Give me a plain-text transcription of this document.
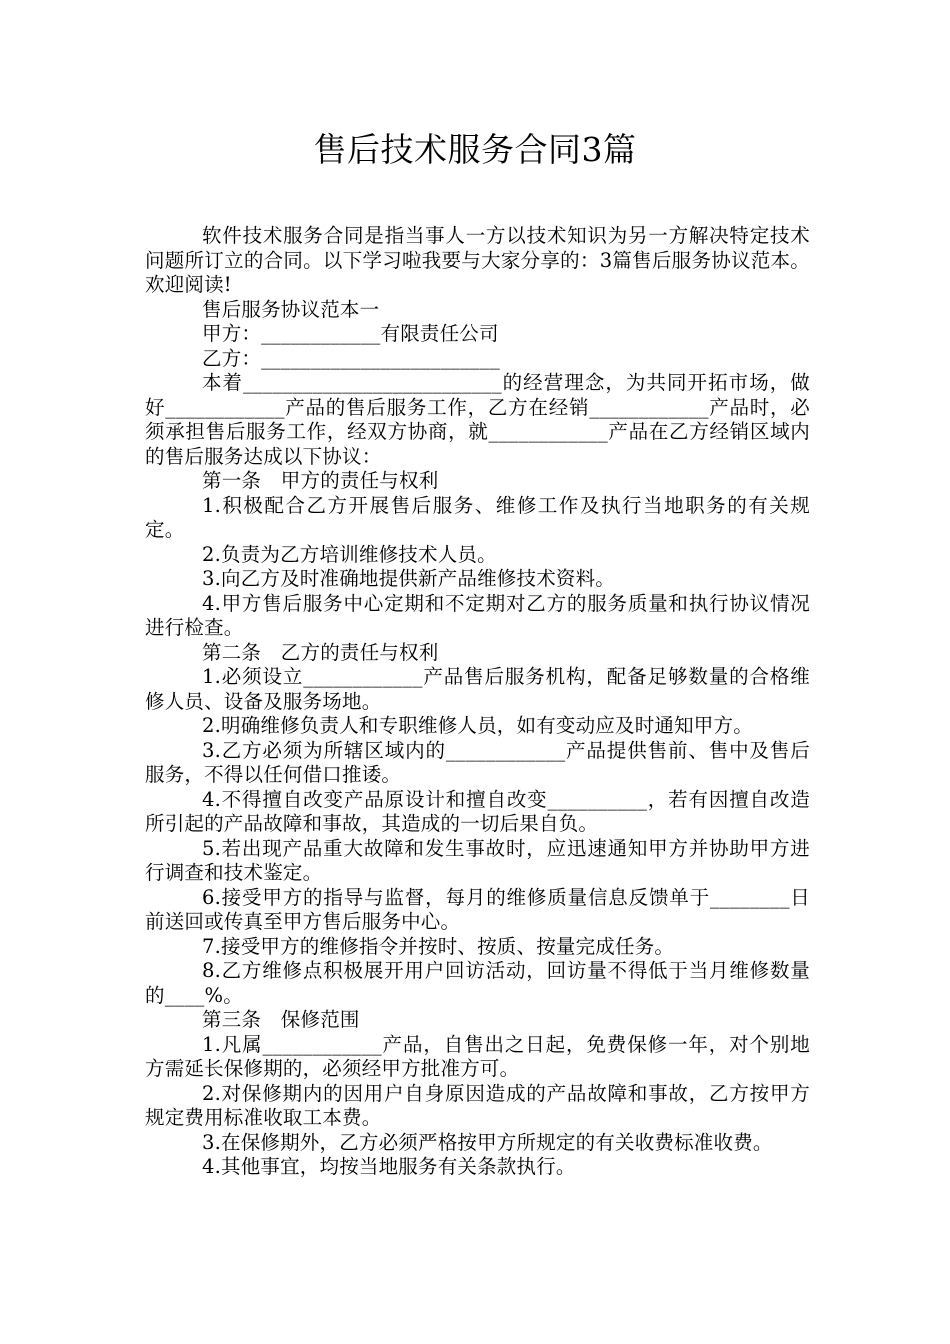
售后技术服务合同3篇

软件技术服务合同是指当事人一方以技术知识为另一方解决特定技术问题所订立的合同。以下学习啦我要与大家分享的：3篇售后服务协议范本。欢迎阅读!

售后服务协议范本一

甲方：____________有限责任公司

乙方：________________________

本着__________________________的经营理念，为共同开拓市场，做好____________产品的售后服务工作，乙方在经销____________产品时，必须承担售后服务工作，经双方协商，就____________产品在乙方经销区域内的售后服务达成以下协议：

第一条　甲方的责任与权利

1.积极配合乙方开展售后服务、维修工作及执行当地职务的有关规定。

2.负责为乙方培训维修技术人员。

3.向乙方及时准确地提供新产品维修技术资料。

4.甲方售后服务中心定期和不定期对乙方的服务质量和执行协议情况进行检查。

第二条　乙方的责任与权利

1.必须设立____________产品售后服务机构，配备足够数量的合格维修人员、设备及服务场地。

2.明确维修负责人和专职维修人员，如有变动应及时通知甲方。

3.乙方必须为所辖区域内的____________产品提供售前、售中及售后服务，不得以任何借口推诿。

4.不得擅自改变产品原设计和擅自改变__________，若有因擅自改造所引起的产品故障和事故，其造成的一切后果自负。

5.若出现产品重大故障和发生事故时，应迅速通知甲方并协助甲方进行调查和技术鉴定。

6.接受甲方的指导与监督，每月的维修质量信息反馈单于________日前送回或传真至甲方售后服务中心。

7.接受甲方的维修指令并按时、按质、按量完成任务。

8.乙方维修点积极展开用户回访活动，回访量不得低于当月维修数量的____%。

第三条　保修范围

1.凡属____________产品，自售出之日起，免费保修一年，对个别地方需延长保修期的，必须经甲方批准方可。

2.对保修期内的因用户自身原因造成的产品故障和事故，乙方按甲方规定费用标准收取工本费。

3.在保修期外，乙方必须严格按甲方所规定的有关收费标准收费。

4.其他事宜，均按当地服务有关条款执行。
